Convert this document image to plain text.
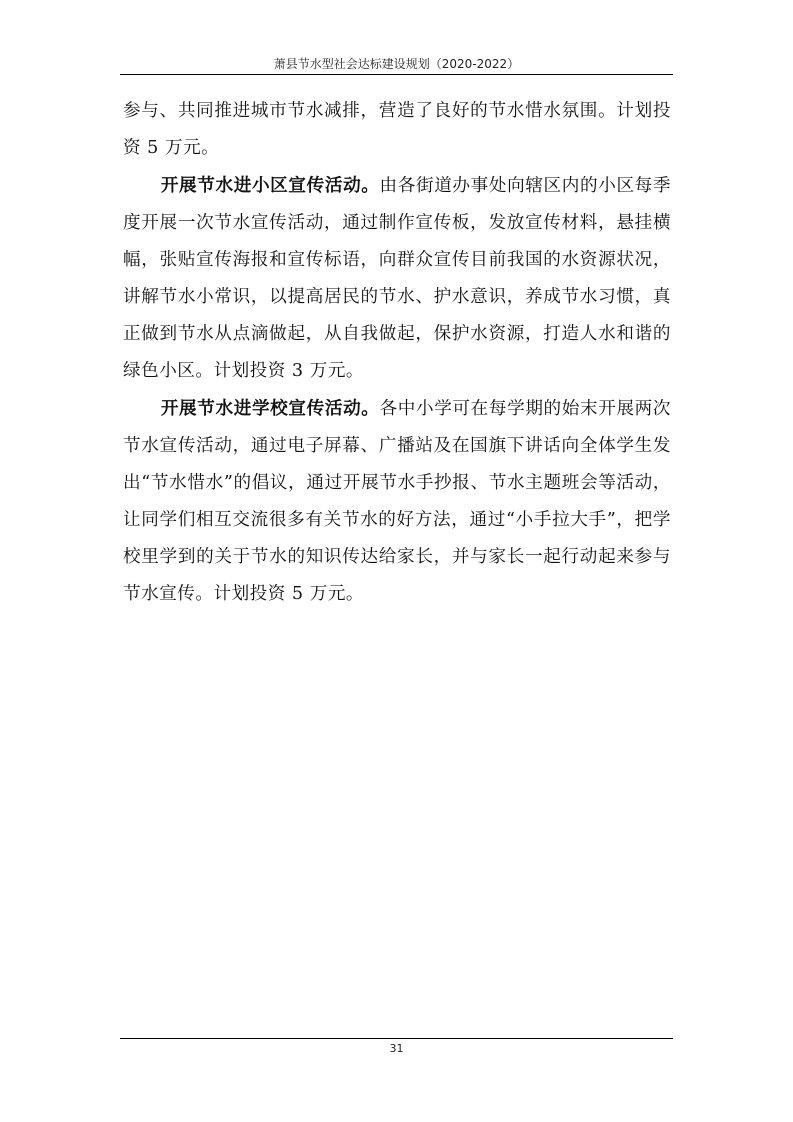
萧县节水型社会达标建设规划（2020-2022）

参与、共同推进城市节水减排，营造了良好的节水惜水氛围。计划投资 5 万元。

开展节水进小区宣传活动。由各街道办事处向辖区内的小区每季度开展一次节水宣传活动，通过制作宣传板，发放宣传材料，悬挂横幅，张贴宣传海报和宣传标语，向群众宣传目前我国的水资源状况，讲解节水小常识，以提高居民的节水、护水意识，养成节水习惯，真正做到节水从点滴做起，从自我做起，保护水资源，打造人水和谐的绿色小区。计划投资 3 万元。

开展节水进学校宣传活动。各中小学可在每学期的始末开展两次节水宣传活动，通过电子屏幕、广播站及在国旗下讲话向全体学生发出“节水惜水”的倡议，通过开展节水手抄报、节水主题班会等活动，让同学们相互交流很多有关节水的好方法，通过“小手拉大手”，把学校里学到的关于节水的知识传达给家长，并与家长一起行动起来参与节水宣传。计划投资 5 万元。

31
